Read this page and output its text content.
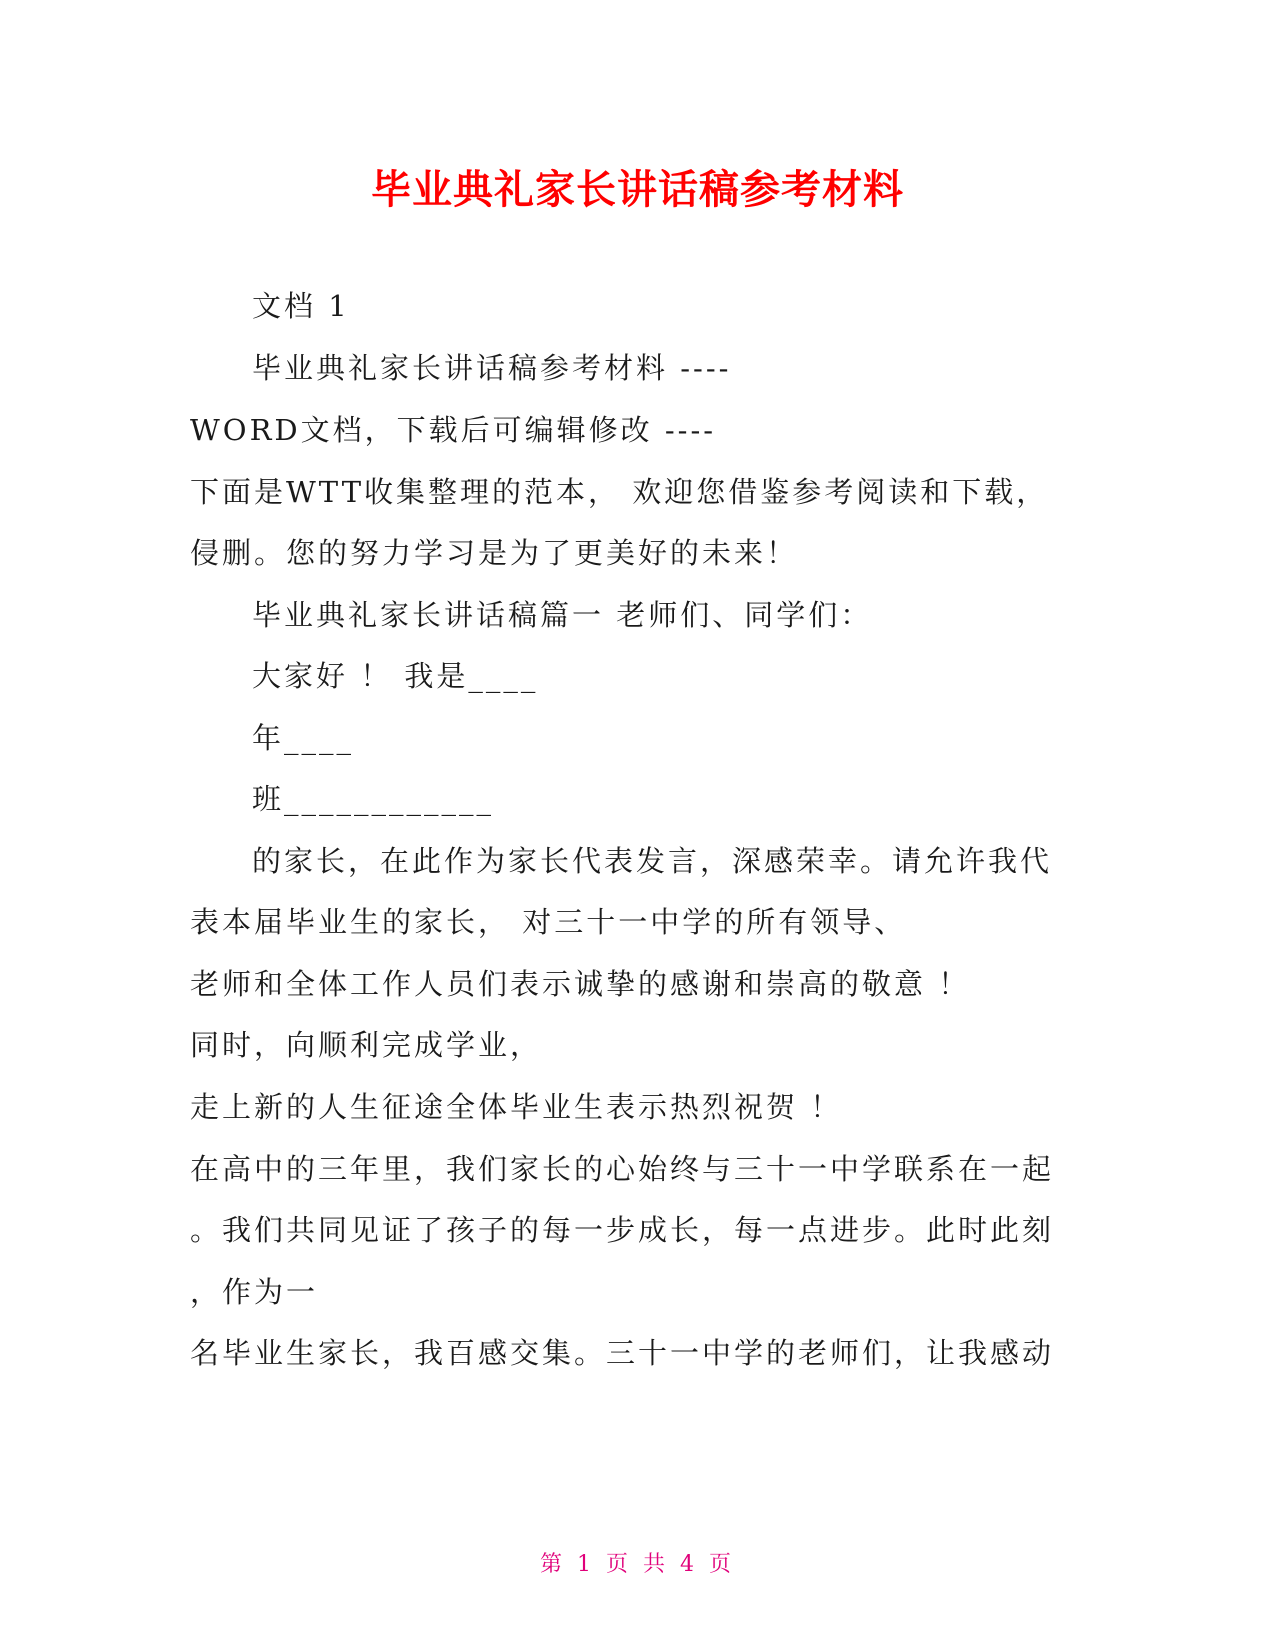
毕业典礼家长讲话稿参考材料

文档 1

毕业典礼家长讲话稿参考材料 ----

WORD文档，下载后可编辑修改 ----

下面是WTT收集整理的范本， 欢迎您借鉴参考阅读和下载，

侵删。您的努力学习是为了更美好的未来！

毕业典礼家长讲话稿篇一 老师们、同学们：

大家好 ！ 我是____

年____

班____________

的家长，在此作为家长代表发言，深感荣幸。请允许我代

表本届毕业生的家长， 对三十一中学的所有领导、

老师和全体工作人员们表示诚挚的感谢和崇高的敬意 ！

同时，向顺利完成学业，

走上新的人生征途全体毕业生表示热烈祝贺 ！

在高中的三年里，我们家长的心始终与三十一中学联系在一起

。我们共同见证了孩子的每一步成长，每一点进步。此时此刻

，作为一

名毕业生家长，我百感交集。三十一中学的老师们，让我感动

第 1 页 共 4 页
